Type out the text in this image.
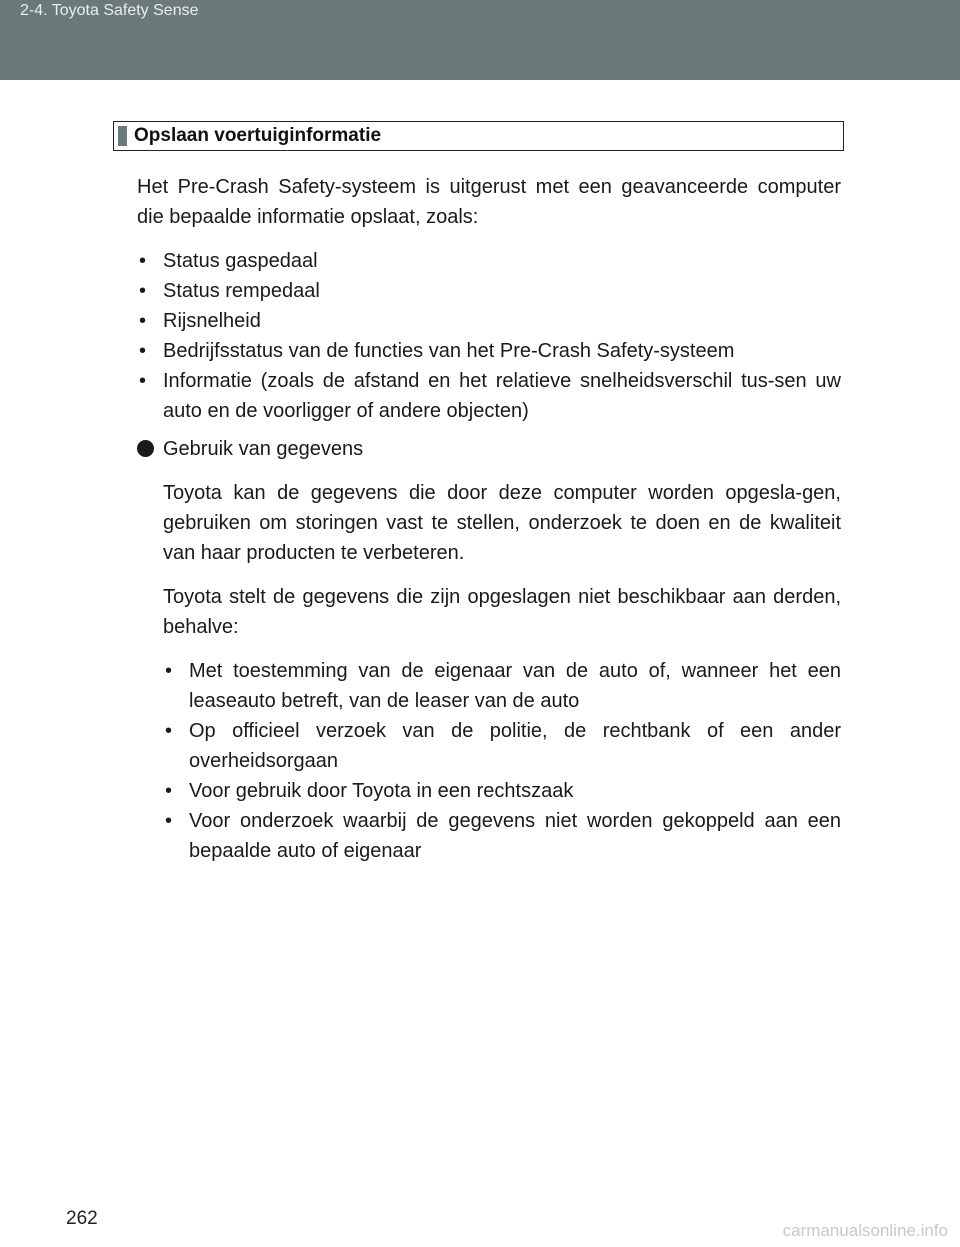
2-4. Toyota Safety Sense
Opslaan voertuiginformatie

Het Pre-Crash Safety-systeem is uitgerust met een geavanceerde computer die bepaalde informatie opslaat, zoals:

• Status gaspedaal
• Status rempedaal
• Rijsnelheid
• Bedrijfsstatus van de functies van het Pre-Crash Safety-systeem
• Informatie (zoals de afstand en het relatieve snelheidsverschil tus-sen uw auto en de voorligger of andere objecten)
Gebruik van gegevens

Toyota kan de gegevens die door deze computer worden opgesla-gen, gebruiken om storingen vast te stellen, onderzoek te doen en de kwaliteit van haar producten te verbeteren.

Toyota stelt de gegevens die zijn opgeslagen niet beschikbaar aan derden, behalve:

• Met toestemming van de eigenaar van de auto of, wanneer het een leaseauto betreft, van de leaser van de auto
• Op officieel verzoek van de politie, de rechtbank of een ander overheidsorgaan
• Voor gebruik door Toyota in een rechtszaak
• Voor onderzoek waarbij de gegevens niet worden gekoppeld aan een bepaalde auto of eigenaar
262
carmanualsonline.info
